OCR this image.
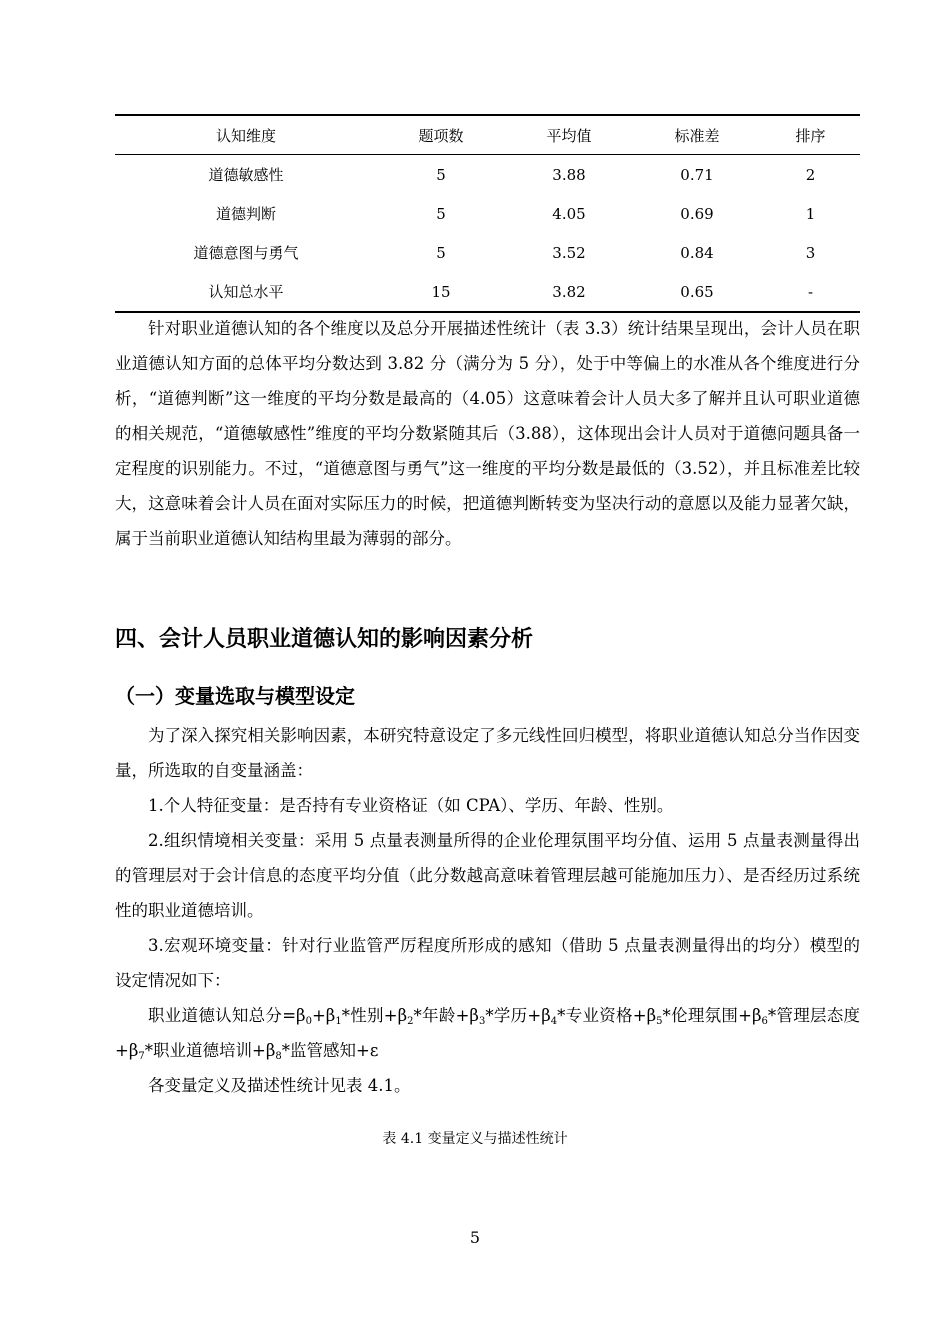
认知维度	题项数	平均值	标准差	排序
道德敏感性	5	3.88	0.71	2
道德判断	5	4.05	0.69	1
道德意图与勇气	5	3.52	0.84	3
认知总水平	15	3.82	0.65	-

针对职业道德认知的各个维度以及总分开展描述性统计（表 3.3）统计结果呈现出，会计人员在职业道德认知方面的总体平均分数达到 3.82 分（满分为 5 分），处于中等偏上的水准从各个维度进行分析，“道德判断”这一维度的平均分数是最高的（4.05）这意味着会计人员大多了解并且认可职业道德的相关规范，“道德敏感性”维度的平均分数紧随其后（3.88），这体现出会计人员对于道德问题具备一定程度的识别能力。不过，“道德意图与勇气”这一维度的平均分数是最低的（3.52），并且标准差比较大，这意味着会计人员在面对实际压力的时候，把道德判断转变为坚决行动的意愿以及能力显著欠缺，属于当前职业道德认知结构里最为薄弱的部分。

四、会计人员职业道德认知的影响因素分析
（一）变量选取与模型设定

为了深入探究相关影响因素，本研究特意设定了多元线性回归模型，将职业道德认知总分当作因变量，所选取的自变量涵盖：

1.个人特征变量：是否持有专业资格证（如 CPA）、学历、年龄、性别。

2.组织情境相关变量：采用 5 点量表测量所得的企业伦理氛围平均分值、运用 5 点量表测量得出的管理层对于会计信息的态度平均分值（此分数越高意味着管理层越可能施加压力）、是否经历过系统性的职业道德培训。

3.宏观环境变量：针对行业监管严厉程度所形成的感知（借助 5 点量表测量得出的均分）模型的设定情况如下：

职业道德认知总分$=\beta_0+\beta_1*$性别$+\beta_2*$年龄$+\beta_3*$学历$+\beta_4*$专业资格$+\beta_5*$伦理氛围$+\beta_6*$管理层态度$+\beta_7*$职业道德培训$+\beta_8*$监管感知+ε

各变量定义及描述性统计见表 4.1。

表 4.1 变量定义与描述性统计
5
